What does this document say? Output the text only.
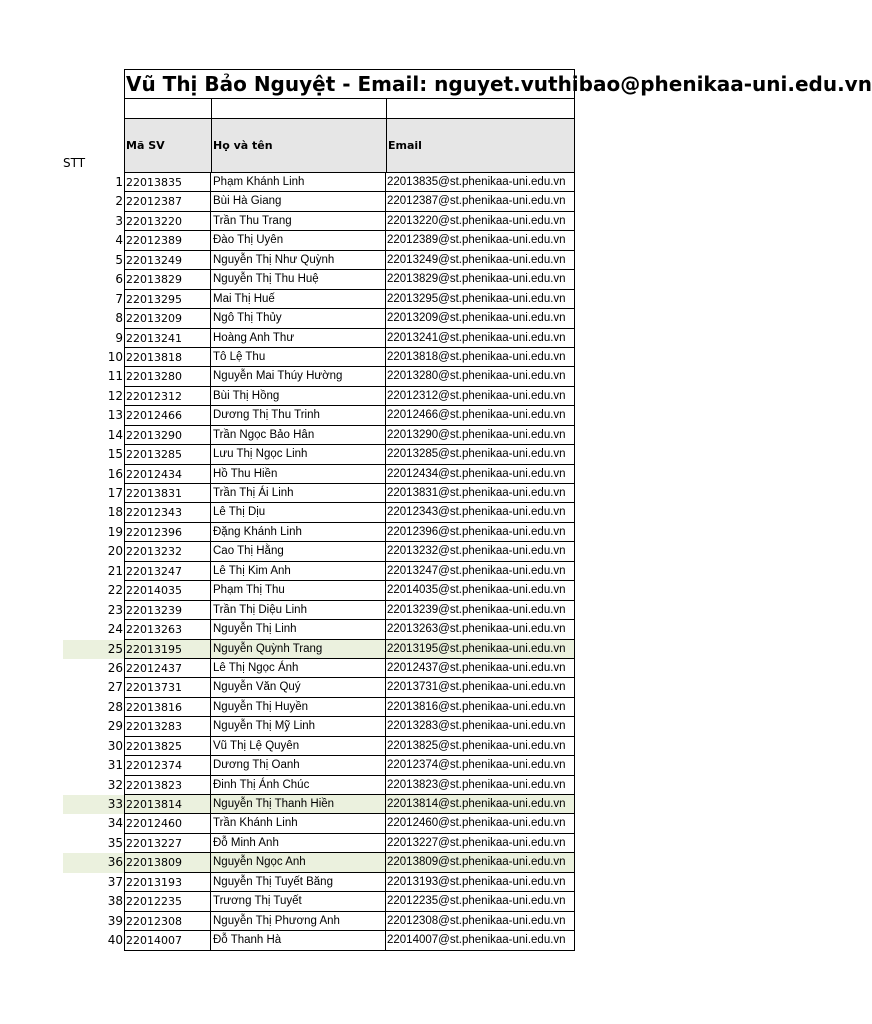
Vũ Thị Bảo Nguyệt - Email: nguyet.vuthibao@phenikaa-uni.edu.vn
STT
Mã SV	Họ và tên	Email
1 22013835	Phạm Khánh Linh	22013835@st.phenikaa-uni.edu.vn
2 22012387	Bùi Hà Giang	22012387@st.phenikaa-uni.edu.vn
3 22013220	Trần Thu Trang	22013220@st.phenikaa-uni.edu.vn
4 22012389	Đào Thị Uyên	22012389@st.phenikaa-uni.edu.vn
5 22013249	Nguyễn Thị Như Quỳnh	22013249@st.phenikaa-uni.edu.vn
6 22013829	Nguyễn Thị Thu Huệ	22013829@st.phenikaa-uni.edu.vn
7 22013295	Mai Thị Huế	22013295@st.phenikaa-uni.edu.vn
8 22013209	Ngô Thị Thủy	22013209@st.phenikaa-uni.edu.vn
9 22013241	Hoàng Anh Thư	22013241@st.phenikaa-uni.edu.vn
10 22013818	Tô Lệ Thu	22013818@st.phenikaa-uni.edu.vn
11 22013280	Nguyễn Mai Thúy Hường	22013280@st.phenikaa-uni.edu.vn
12 22012312	Bùi Thị Hồng	22012312@st.phenikaa-uni.edu.vn
13 22012466	Dương Thị Thu Trinh	22012466@st.phenikaa-uni.edu.vn
14 22013290	Trần Ngọc Bảo Hân	22013290@st.phenikaa-uni.edu.vn
15 22013285	Lưu Thị Ngọc Linh	22013285@st.phenikaa-uni.edu.vn
16 22012434	Hồ Thu Hiền	22012434@st.phenikaa-uni.edu.vn
17 22013831	Trần Thị Ái Linh	22013831@st.phenikaa-uni.edu.vn
18 22012343	Lê Thị Dịu	22012343@st.phenikaa-uni.edu.vn
19 22012396	Đặng Khánh Linh	22012396@st.phenikaa-uni.edu.vn
20 22013232	Cao Thị Hằng	22013232@st.phenikaa-uni.edu.vn
21 22013247	Lê Thị Kim Anh	22013247@st.phenikaa-uni.edu.vn
22 22014035	Phạm Thị Thu	22014035@st.phenikaa-uni.edu.vn
23 22013239	Trần Thị Diệu Linh	22013239@st.phenikaa-uni.edu.vn
24 22013263	Nguyễn Thị Linh	22013263@st.phenikaa-uni.edu.vn
25 22013195	Nguyễn Quỳnh Trang	22013195@st.phenikaa-uni.edu.vn
26 22012437	Lê Thị Ngọc Ánh	22012437@st.phenikaa-uni.edu.vn
27 22013731	Nguyễn Văn Quý	22013731@st.phenikaa-uni.edu.vn
28 22013816	Nguyễn Thị Huyền	22013816@st.phenikaa-uni.edu.vn
29 22013283	Nguyễn Thị Mỹ Linh	22013283@st.phenikaa-uni.edu.vn
30 22013825	Vũ Thị Lệ Quyên	22013825@st.phenikaa-uni.edu.vn
31 22012374	Dương Thị Oanh	22012374@st.phenikaa-uni.edu.vn
32 22013823	Đinh Thị Ánh Chúc	22013823@st.phenikaa-uni.edu.vn
33 22013814	Nguyễn Thị Thanh Hiền	22013814@st.phenikaa-uni.edu.vn
34 22012460	Trần Khánh Linh	22012460@st.phenikaa-uni.edu.vn
35 22013227	Đỗ Minh Anh	22013227@st.phenikaa-uni.edu.vn
36 22013809	Nguyễn Ngọc Anh	22013809@st.phenikaa-uni.edu.vn
37 22013193	Nguyễn Thị Tuyết Băng	22013193@st.phenikaa-uni.edu.vn
38 22012235	Trương Thị Tuyết	22012235@st.phenikaa-uni.edu.vn
39 22012308	Nguyễn Thị Phương Anh	22012308@st.phenikaa-uni.edu.vn
40 22014007	Đỗ Thanh Hà	22014007@st.phenikaa-uni.edu.vn
